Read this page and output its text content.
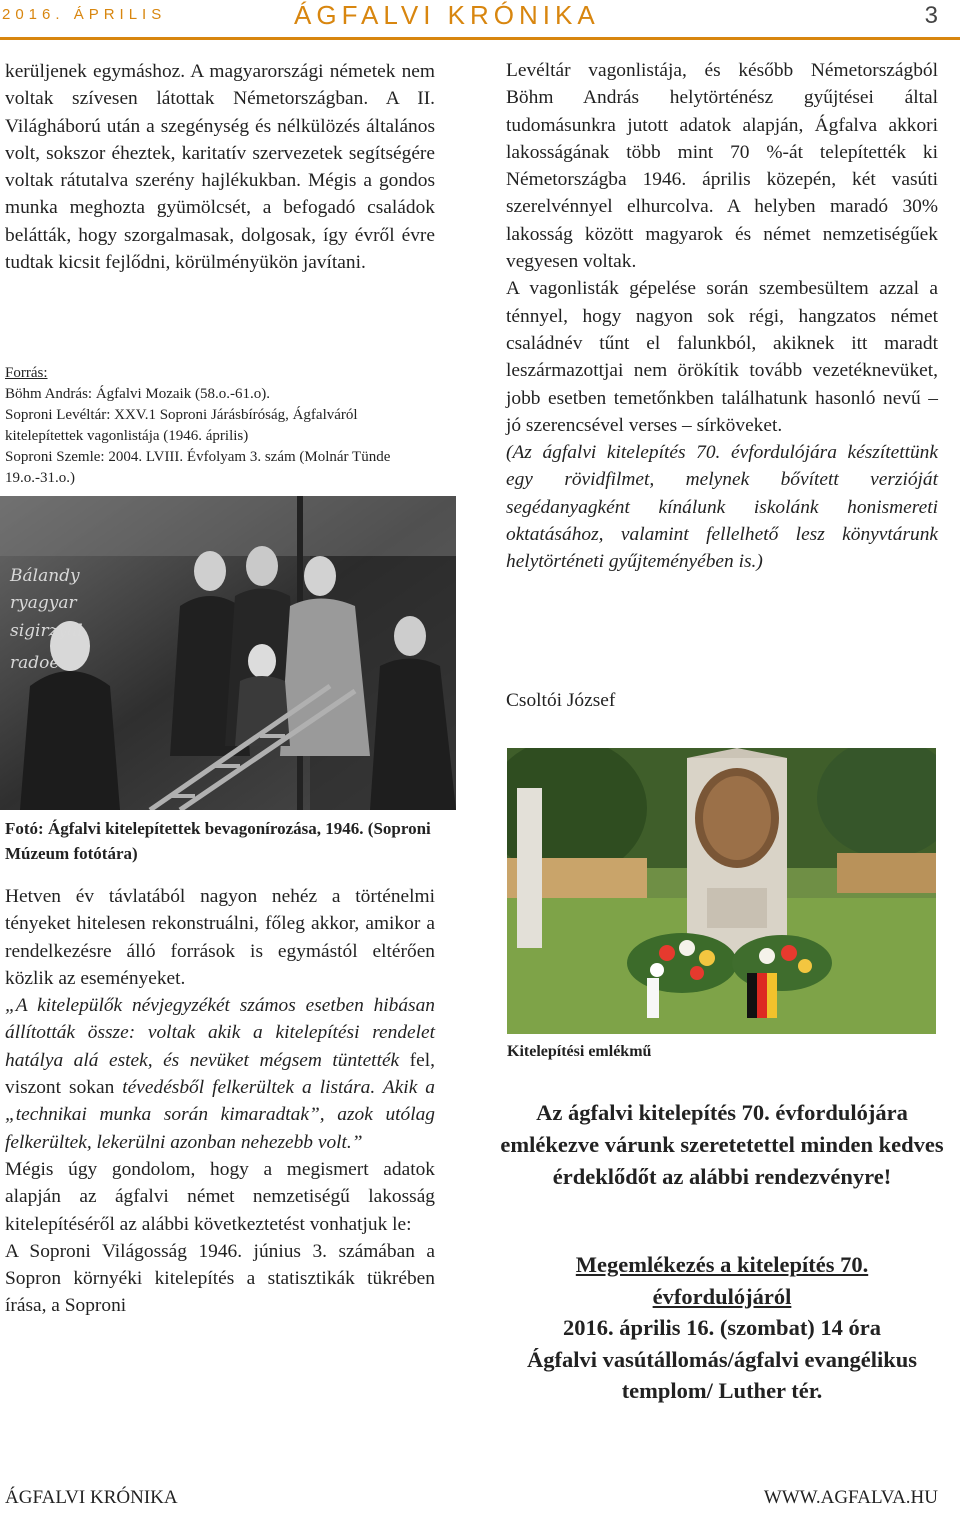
2016. ÁPRILIS	ÁGFALVI KRÓNIKA	3

kerüljenek egymáshoz. A magyarországi németek nem voltak szívesen látottak Németországban. A II. Világháború után a szegénység és nélkülözés általános volt, sokszor éheztek, karitatív szervezetek segítségére voltak rátutalva szerény hajlékukban. Mégis a gondos munka meghozta gyümölcsét, a befogadó családok belátták, hogy szorgalmasak, dolgosak, így évről évre tudtak kicsit fejlődni, körülményükön javítani.

Forrás:

Böhm András: Ágfalvi Mozaik (58.o.-61.o).

Soproni Levéltár: XXV.1 Soproni Járásbíróság, Ágfalváról kitelepítettek vagonlistája (1946. április)

Soproni Szemle: 2004. LVIII. Évfolyam 3. szám (Molnár Tünde 19.o.-31.o.)

Bálandy
ryagyar
sigirzyál
radoe
Fotó: Ágfalvi kitelepítettek bevagonírozása, 1946. (Soproni Múzeum fotótára)

Hetven év távlatából nagyon nehéz a történelmi tényeket hitelesen rekonstruálni, főleg akkor, amikor a rendelkezésre álló források is egymástól eltérően közlik az eseményeket.

„A kitelepülők névjegyzékét számos esetben hibásan állították össze: voltak akik a kitelepítési rendelet hatálya alá estek, és nevüket mégsem tüntették fel, viszont sokan tévedésből felkerültek a listára. Akik a „technikai munka során kimaradtak”, azok utólag felkerültek, lekerülni azonban nehezebb volt.”

Mégis úgy gondolom, hogy a megismert adatok alapján az ágfalvi német nemzetiségű lakosság kitelepítéséről az alábbi következtetést vonhatjuk le:

A Soproni Világosság 1946. június 3. számában a Sopron környéki kitelepítés a statisztikák tükrében írása, a Soproni

Levéltár vagonlistája, és később Németországból Böhm András helytörténész gyűjtései által tudomásunkra jutott adatok alapján, Ágfalva akkori lakosságának több mint 70 %-át telepítették ki Németországba 1946. április közepén, két vasúti szerelvénnyel elhurcolva. A helyben maradó 30% lakosság között magyarok és német nemzetiségűek vegyesen voltak.

A vagonlisták gépelése során szembesültem azzal a ténnyel, hogy nagyon sok régi, hangzatos német családnév tűnt el falunkból, akiknek itt maradt leszármazottjai nem örökítik tovább vezetéknevüket, jobb esetben temetőnkben találhatunk hasonló nevű – jó szerencsével verses – sírköveket.

(Az ágfalvi kitelepítés 70. évfordulójára készítettünk egy rövidfilmet, melynek bővített verzióját segédanyagként kínálunk iskolánk honismereti oktatásához, valamint fellelhető lesz könyvtárunk helytörténeti gyűjteményében is.)

Csoltói József
Kitelepítési emlékmű
Az ágfalvi kitelepítés 70. évfordulójára emlékezve várunk szeretetettel minden kedves érdeklődőt az alábbi rendezvényre!
Megemlékezés a kitelepítés 70.
évfordulójáról
2016. április 16. (szombat) 14 óra
Ágfalvi vasútállomás/ágfalvi evangélikus templom/ Luther tér.
ÁGFALVI KRÓNIKA	WWW.AGFALVA.HU
